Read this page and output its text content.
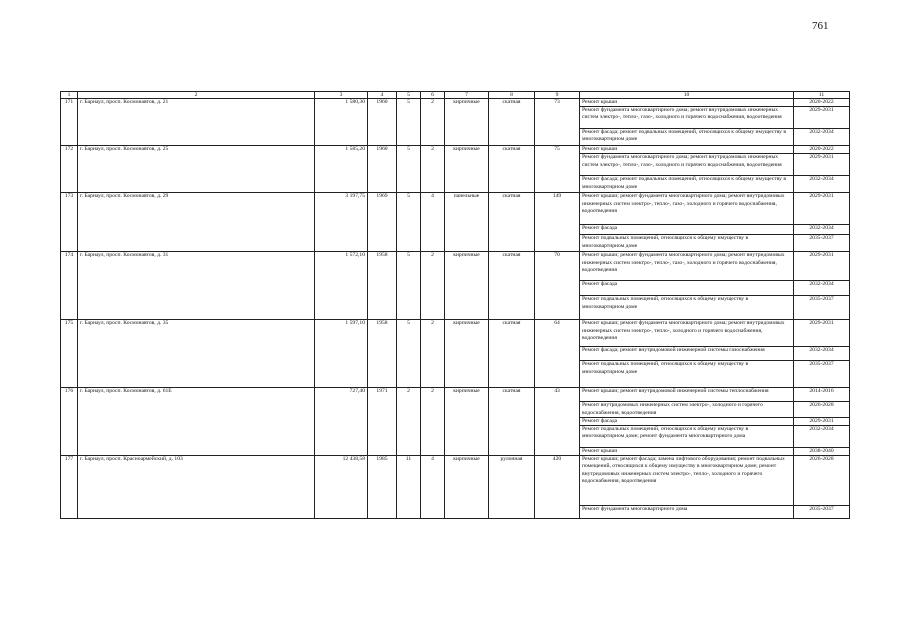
761
1	2	3	4	5	6	7	8	9	10	11
171	г. Барнаул, просп. Космонавтов, д. 21	1 580,30	1960	5	2	кирпичные	скатная	73	Ремонт крыши	2020-2022
									Ремонт фундамента многоквартирного дома; ремонт внутридомовых инженерных систем электро-, тепло-, газо-, холодного и горячего водоснабжения, водоотведения	2029-2031
									Ремонт фасада; ремонт подвальных помещений, относящихся к общему имуществу в многоквартирном доме	2032-2034
172	г. Барнаул, просп. Космонавтов, д. 25	1 585,20	1960	5	2	кирпичные	скатная	75	Ремонт крыши	2020-2022
									Ремонт фундамента многоквартирного дома; ремонт внутридомовых инженерных систем электро-, тепло-, газо-, холодного и горячего водоснабжения, водоотведения	2029-2031
									Ремонт фасада; ремонт подвальных помещений, относящихся к общему имуществу в многоквартирном доме	2032-2034
173	г. Барнаул, просп. Космонавтов, д. 29	3 197,75	1969	5	4	панельные	скатная	149	Ремонт крыши; ремонт фундамента многоквартирного дома; ремонт внутридомовых инженерных систем электро-, тепло-, газо-, холодного и горячего водоснабжения, водоотведения	2029-2031
									Ремонт фасада	2032-2034
									Ремонт подвальных помещений, относящихся к общему имуществу в многоквартирном доме	2035-2037
174	г. Барнаул, просп. Космонавтов, д. 31	1 572,10	1958	5	2	кирпичные	скатная	70	Ремонт крыши; ремонт фундамента многоквартирного дома; ремонт внутридомовых инженерных систем электро-, тепло-, газо-, холодного и горячего водоснабжения, водоотведения	2029-2031
									Ремонт фасада	2032-2034
									Ремонт подвальных помещений, относящихся к общему имуществу в многоквартирном доме	2035-2037
175	г. Барнаул, просп. Космонавтов, д. 35	1 597,10	1958	5	2	кирпичные	скатная	64	Ремонт крыши; ремонт фундамента многоквартирного дома; ремонт внутридомовых инженерных систем электро-, тепло-, холодного и горячего водоснабжения, водоотведения	2029-2031
									Ремонт фасада; ремонт внутридомовой инженерной системы газоснабжения	2032-2034
									Ремонт подвальных помещений, относящихся к общему имуществу в многоквартирном доме	2035-2037
176	г. Барнаул, просп. Космонавтов, д. 61Е	727,40	1971	2	2	кирпичные	скатная	43	Ремонт крыши; ремонт внутридомовой инженерной системы теплоснабжения	2014-2016
									Ремонт внутридомовых инженерных систем электро-, холодного и горячего водоснабжения, водоотведения	2026-2028
									Ремонт фасада	2029-2031
									Ремонт подвальных помещений, относящихся к общему имуществу в многоквартирном доме; ремонт фундамента многоквартирного дома	2032-2034
									Ремонт крыши	2038-2040
177	г. Барнаул, просп. Красноармейский, д. 103	12 438,58	1985	11	4	кирпичные	рулонная	420	Ремонт крыши; ремонт фасада; замена лифтового оборудования; ремонт подвальных помещений, относящихся к общему имуществу в многоквартирном доме; ремонт внутридомовых инженерных систем электро-, тепло-, холодного и горячего водоснабжения, водоотведения	2026-2028
									Ремонт фундамента многоквартирного дома	2035-2037
